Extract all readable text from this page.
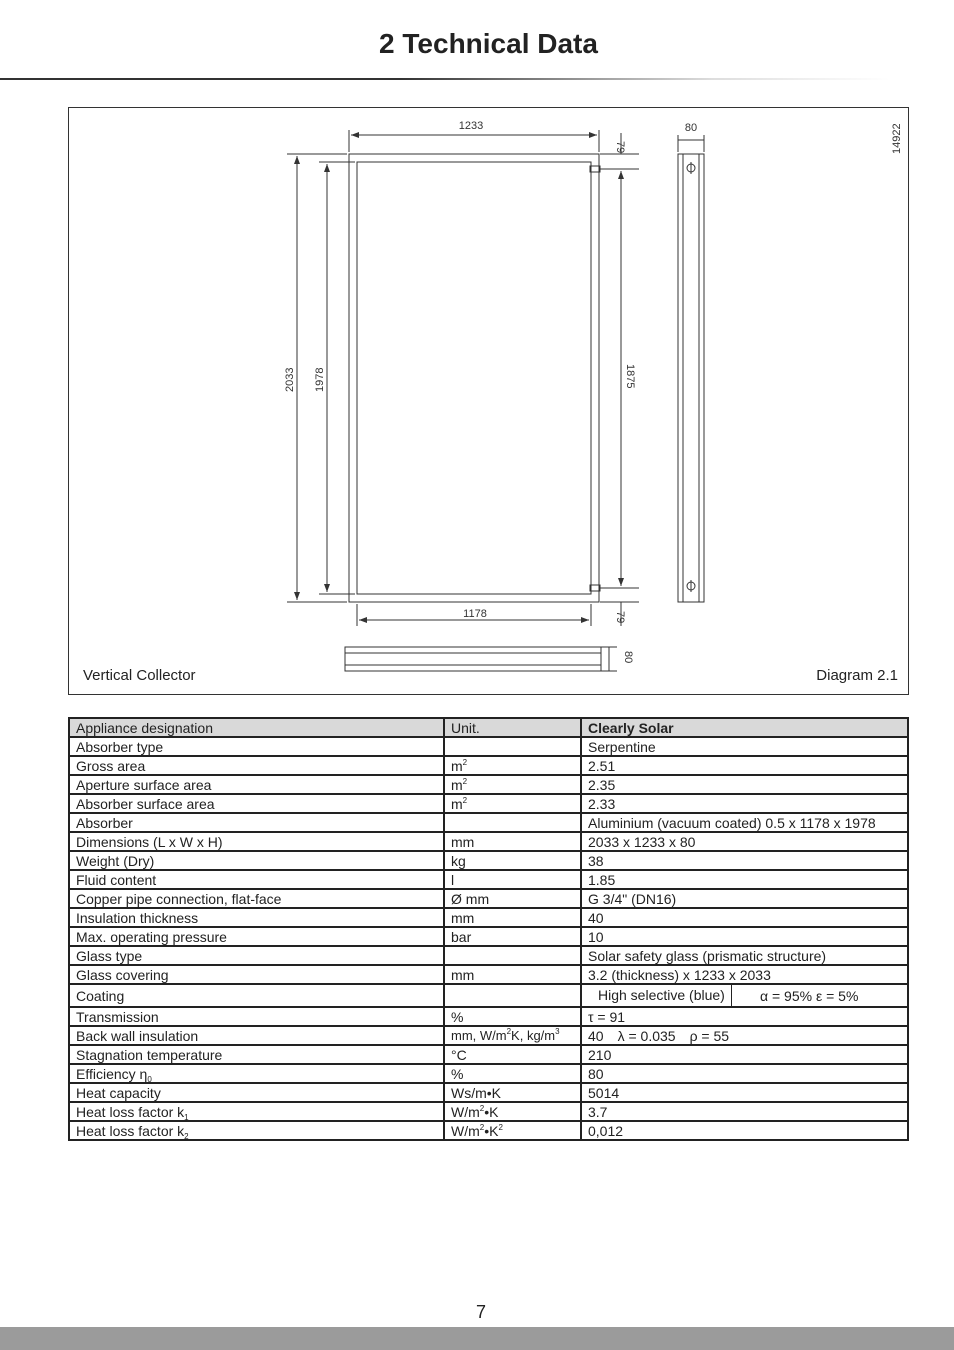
2 Technical Data
1233
79
80	14922
2033 1978	1875
1178	79
80
Vertical Collector	Diagram 2.1
Appliance designation	Unit.	Clearly Solar
Absorber type		Serpentine
Gross area	$m^2$	2.51
Aperture surface area	$m^2$	2.35
Absorber surface area	$m^2$	2.33
Absorber		Aluminium (vacuum coated) 0.5 x 1178 x 1978
Dimensions (L x W x H)	mm	2033 x 1233 x 80
Weight (Dry)	kg	38
Fluid content	l	1.85
Copper pipe connection, flat-face	Ø mm	G 3/4" (DN16)
Insulation thickness	mm	40
Max. operating pressure	bar	10
Glass type		Solar safety glass (prismatic structure)
Glass covering	mm	3.2 (thickness) x 1233 x 2033
Coating		High selective (blue) α = 95% ε = 5%

Transmission	%	τ = 91
Back wall insulation	mm, $W/m^2K$, $kg/m^3$	40 λ = 0.035 ρ = 55
Stagnation temperature	°C	210
Efficiency $\eta_0$	%	80
Heat capacity	Ws/m•K	5014
Heat loss factor $k_1$	$W/m^2•K$	3.7
Heat loss factor $k_2$	$W/m^2•K^2$	0,012
7
